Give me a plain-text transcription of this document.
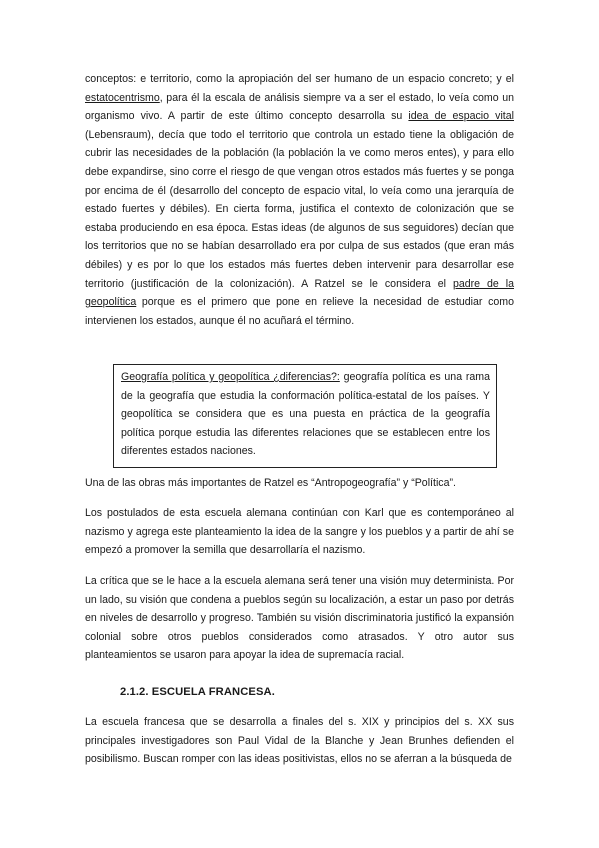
conceptos: e territorio, como la apropiación del ser humano de un espacio concreto; y el estatocentrismo, para él la escala de análisis siempre va a ser el estado, lo veía como un organismo vivo. A partir de este último concepto desarrolla su idea de espacio vital (Lebensraum), decía que todo el territorio que controla un estado tiene la obligación de cubrir las necesidades de la población (la población la ve como meros entes), y para ello debe expandirse, sino corre el riesgo de que vengan otros estados más fuertes y se ponga por encima de él (desarrollo del concepto de espacio vital, lo veía como una jerarquía de estado fuertes y débiles). En cierta forma, justifica el contexto de colonización que se estaba produciendo en esa época. Estas ideas (de algunos de sus seguidores) decían que los territorios que no se habían desarrollado era por culpa de sus estados (que eran más débiles) y es por lo que los estados más fuertes deben intervenir para desarrollar ese territorio (justificación de la colonización). A Ratzel se le considera el padre de la geopolítica porque es el primero que pone en relieve la necesidad de estudiar como intervienen los estados, aunque él no acuñará el término.

Geografía política y geopolítica ¿diferencias?: geografía política es una rama de la geografía que estudia la conformación política-estatal de los países. Y geopolítica se considera que es una puesta en práctica de la geografía política porque estudia las diferentes relaciones que se establecen entre los diferentes estados naciones.

Una de las obras más importantes de Ratzel es “Antropogeografía” y “Política”.

Los postulados de esta escuela alemana continúan con Karl que es contemporáneo al nazismo y agrega este planteamiento la idea de la sangre y los pueblos y a partir de ahí se empezó a promover la semilla que desarrollaría el nazismo.

La crítica que se le hace a la escuela alemana será tener una visión muy determinista. Por un lado, su visión que condena a pueblos según su localización, a estar un paso por detrás en niveles de desarrollo y progreso. También su visión discriminatoria justificó la expansión colonial sobre otros pueblos considerados como atrasados. Y otro autor sus planteamientos se usaron para apoyar la idea de supremacía racial.

2.1.2. ESCUELA FRANCESA.

La escuela francesa que se desarrolla a finales del s. XIX y principios del s. XX sus principales investigadores son Paul Vidal de la Blanche y Jean Brunhes defienden el posibilismo. Buscan romper con las ideas positivistas, ellos no se aferran a la búsqueda de
